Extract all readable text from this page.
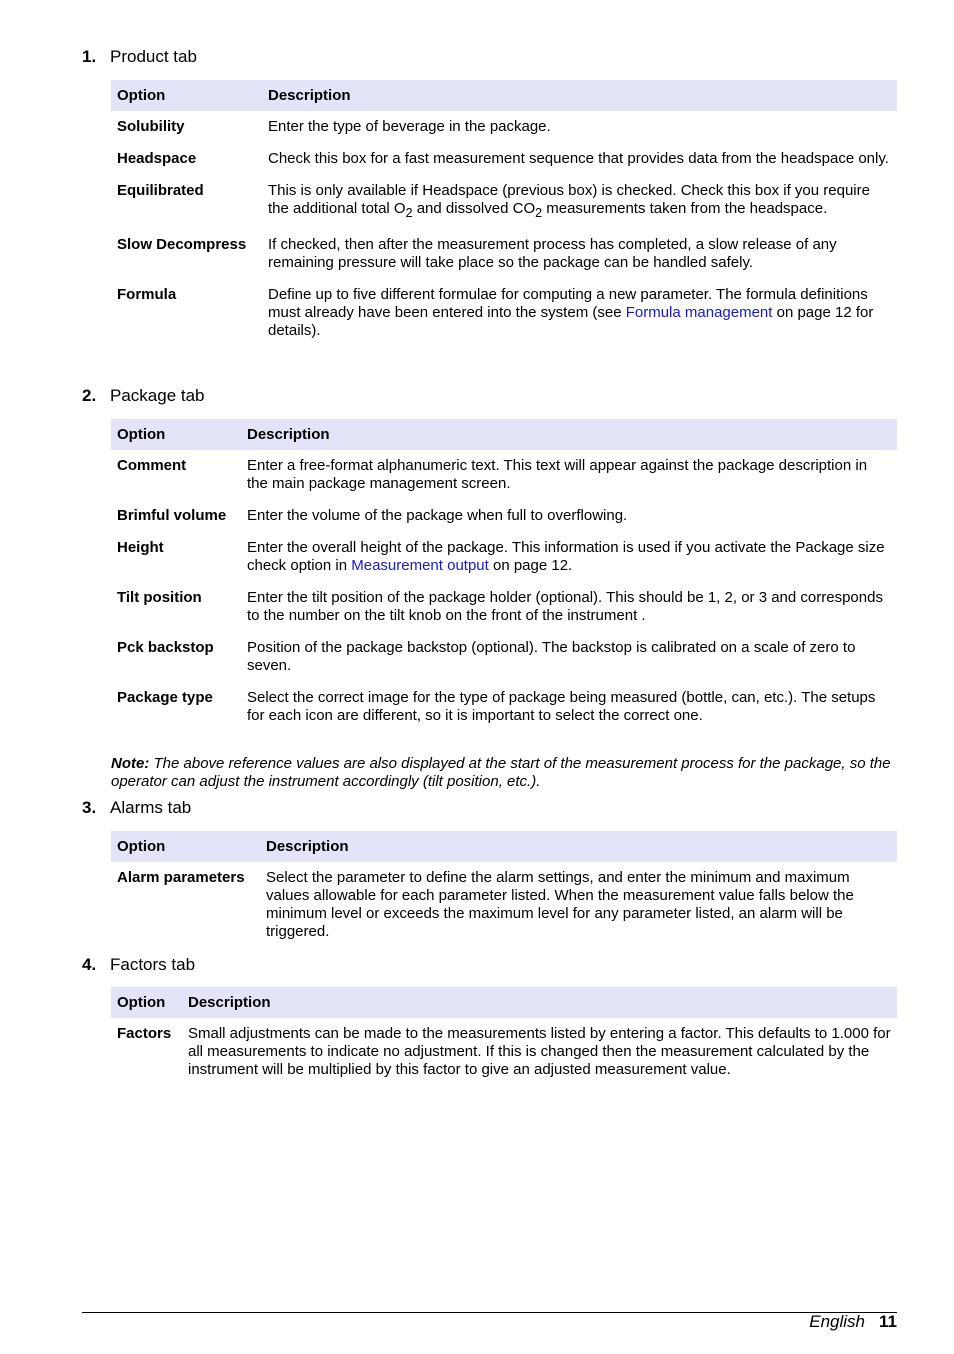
1. Product tab
Option	Description
Solubility	Enter the type of beverage in the package.
Headspace	Check this box for a fast measurement sequence that provides data from the headspace only.
Equilibrated	This is only available if Headspace (previous box) is checked. Check this box if you require the additional total $O_2$ and dissolved $CO_2$ measurements taken from the headspace.
Slow Decompress	If checked, then after the measurement process has completed, a slow release of any remaining pressure will take place so the package can be handled safely.
Formula	Define up to five different formulae for computing a new parameter. The formula definitions must already have been entered into the system (see Formula management on page 12 for details).
2. Package tab
Option	Description
Comment	Enter a free-format alphanumeric text. This text will appear against the package description in the main package management screen.
Brimful volume	Enter the volume of the package when full to overflowing.
Height	Enter the overall height of the package. This information is used if you activate the Package size check option in Measurement output on page 12.
Tilt position	Enter the tilt position of the package holder (optional). This should be 1, 2, or 3 and corresponds to the number on the tilt knob on the front of the instrument .
Pck backstop	Position of the package backstop (optional). The backstop is calibrated on a scale of zero to seven.
Package type	Select the correct image for the type of package being measured (bottle, can, etc.). The setups for each icon are different, so it is important to select the correct one.
Note: The above reference values are also displayed at the start of the measurement process for the package, so the operator can adjust the instrument accordingly (tilt position, etc.).
3. Alarms tab
Option	Description
Alarm parameters	Select the parameter to define the alarm settings, and enter the minimum and maximum values allowable for each parameter listed. When the measurement value falls below the minimum level or exceeds the maximum level for any parameter listed, an alarm will be triggered.
4. Factors tab
Option	Description
Factors	Small adjustments can be made to the measurements listed by entering a factor. This defaults to 1.000 for all measurements to indicate no adjustment. If this is changed then the measurement calculated by the instrument will be multiplied by this factor to give an adjusted measurement value.
English 11
